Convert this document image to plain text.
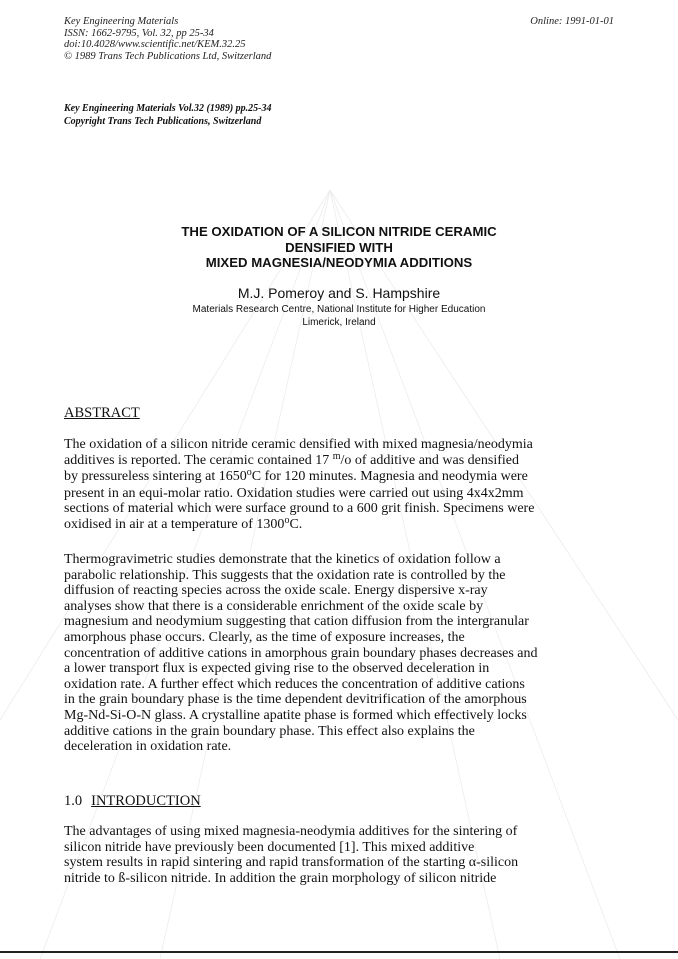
Key Engineering Materials
ISSN: 1662-9795, Vol. 32, pp 25-34
doi:10.4028/www.scientific.net/KEM.32.25
© 1989 Trans Tech Publications Ltd, Switzerland
Online: 1991-01-01
Key Engineering Materials Vol.32 (1989) pp.25-34
Copyright Trans Tech Publications, Switzerland
THE OXIDATION OF A SILICON NITRIDE CERAMIC
DENSIFIED WITH
MIXED MAGNESIA/NEODYMIA ADDITIONS
M.J. Pomeroy and S. Hampshire
Materials Research Centre, National Institute for Higher Education
Limerick, Ireland
ABSTRACT
The oxidation of a silicon nitride ceramic densified with mixed magnesia/neodymia
additives is reported. The ceramic contained 17 $^m$/o of additive and was densified
by pressureless sintering at 1650$^o$C for 120 minutes. Magnesia and neodymia were
present in an equi-molar ratio. Oxidation studies were carried out using 4x4x2mm
sections of material which were surface ground to a 600 grit finish. Specimens were
oxidised in air at a temperature of 1300$^o$C.
Thermogravimetric studies demonstrate that the kinetics of oxidation follow a
parabolic relationship. This suggests that the oxidation rate is controlled by the
diffusion of reacting species across the oxide scale. Energy dispersive x-ray
analyses show that there is a considerable enrichment of the oxide scale by
magnesium and neodymium suggesting that cation diffusion from the intergranular
amorphous phase occurs. Clearly, as the time of exposure increases, the
concentration of additive cations in amorphous grain boundary phases decreases and
a lower transport flux is expected giving rise to the observed deceleration in
oxidation rate. A further effect which reduces the concentration of additive cations
in the grain boundary phase is the time dependent devitrification of the amorphous
Mg-Nd-Si-O-N glass. A crystalline apatite phase is formed which effectively locks
additive cations in the grain boundary phase. This effect also explains the
deceleration in oxidation rate.
1.0 INTRODUCTION
The advantages of using mixed magnesia-neodymia additives for the sintering of
silicon nitride have previously been documented [1]. This mixed additive
system results in rapid sintering and rapid transformation of the starting α-silicon
nitride to ß-silicon nitride. In addition the grain morphology of silicon nitride
